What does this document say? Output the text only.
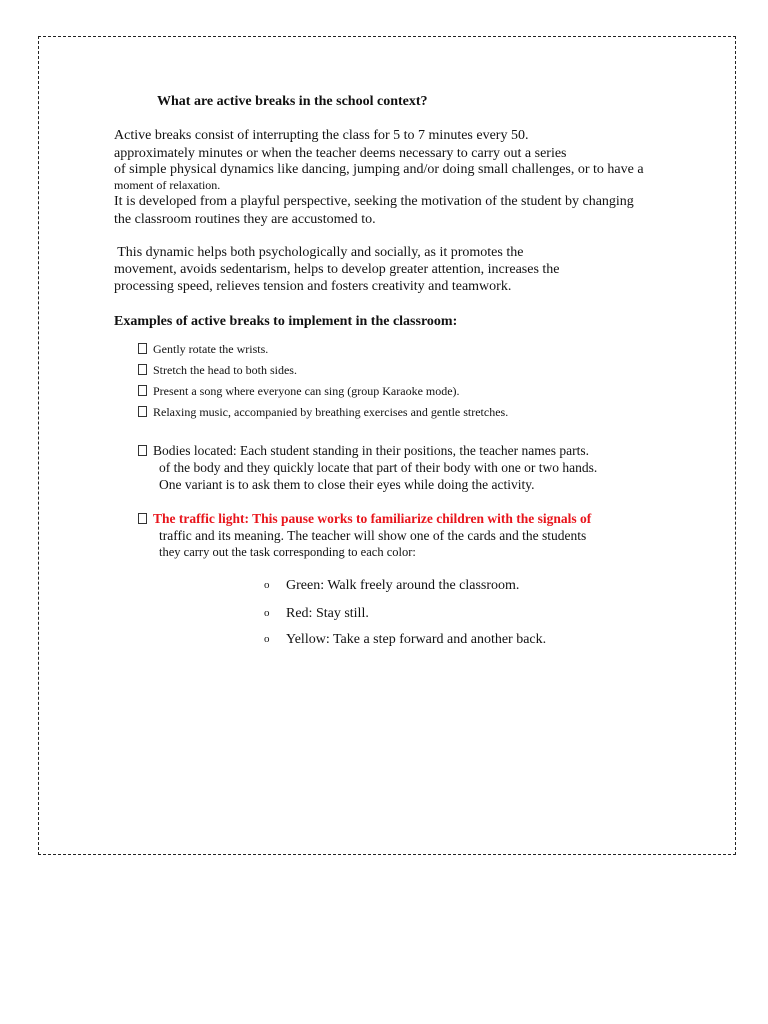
What are active breaks in the school context?
Active breaks consist of interrupting the class for 5 to 7 minutes every 50.
approximately minutes or when the teacher deems necessary to carry out a series
of simple physical dynamics like dancing, jumping and/or doing small challenges, or to have a
moment of relaxation.
It is developed from a playful perspective, seeking the motivation of the student by changing
the classroom routines they are accustomed to.
This dynamic helps both psychologically and socially, as it promotes the
movement, avoids sedentarism, helps to develop greater attention, increases the
processing speed, relieves tension and fosters creativity and teamwork.
Examples of active breaks to implement in the classroom:
Gently rotate the wrists.
Stretch the head to both sides.
Present a song where everyone can sing (group Karaoke mode).
Relaxing music, accompanied by breathing exercises and gentle stretches.
Bodies located: Each student standing in their positions, the teacher names parts.
of the body and they quickly locate that part of their body with one or two hands.
One variant is to ask them to close their eyes while doing the activity.
The traffic light: This pause works to familiarize children with the signals of
traffic and its meaning. The teacher will show one of the cards and the students
they carry out the task corresponding to each color:
o Green: Walk freely around the classroom.
o Red: Stay still.
o Yellow: Take a step forward and another back.
